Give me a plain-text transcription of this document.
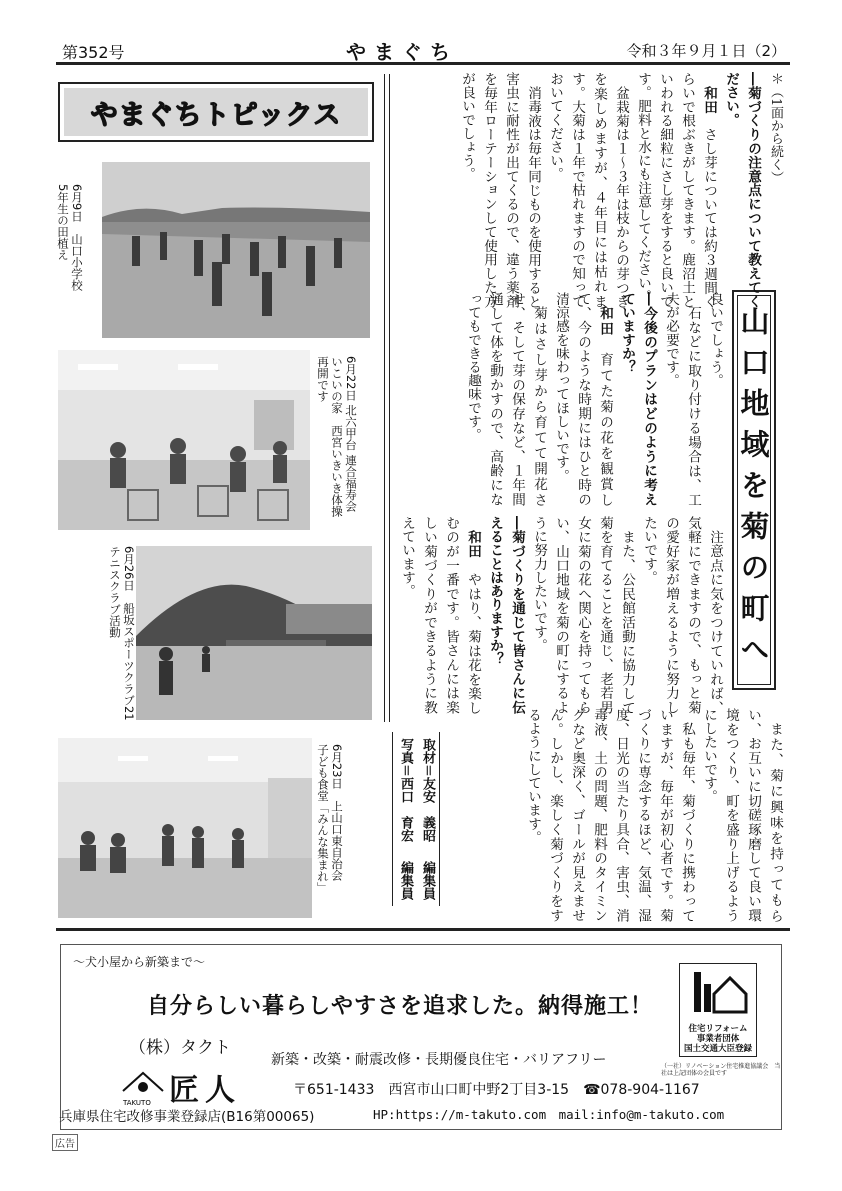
第352号	やまぐち	令和３年９月１日（2）
やまぐちトピックス
6月9日　山口小学校
5年生の田植え
6月22日 北六甲台 連合福寿会
いこいの家　西宮いきいき体操
再開です
6月26日　船坂スポーツクラブ21
テニスクラブ活動
6月23日　上山口東自治会
子ども食堂「みんな集まれ」
山口地域を菊の町へ

＊（1面から続く）

―菊づくりの注意点について教えてください。

和田　さし芽については約３週間ぐらいで根ぶきがしてきます。鹿沼土といわれる細粒にさし芽をすると良いです。肥料と水にも注意してください。

盆栽菊は１～３年は枝からの芽つきを楽しめますが、４年目には枯れます。大菊は１年で枯れますので知っておいてください。

消毒液は毎年同じものを使用すると害虫に耐性が出てくるので、違う薬剤を毎年ローテーションして使用した方が良いでしょう。

良いでしょう。

石などに取り付ける場合は、工夫が必要です。

―今後のプランはどのように考えていますか？

和田　育てた菊の花を観賞して、今のような時期にはひと時の清涼感を味わってほしいです。

菊はさし芽から育てて開花させ、そして芽の保存など、１年間通して体を動かすので、高齢になってもできる趣味です。

注意点に気をつけていれば、気軽にできますので、もっと菊の愛好家が増えるように努力したいです。

また、公民館活動に協力して菊を育てることを通じ、老若男女に菊の花へ関心を持ってもらい、山口地域を菊の町にするように努力したいです。

―菊づくりを通じて皆さんに伝えることはありますか？

和田　やはり、菊は花を楽しむのが一番です。皆さんには楽しい菊づくりができるように教えています。

また、菊に興味を持ってもらい、お互いに切磋琢磨して良い環境をつくり、町を盛り上げるようにしたいです。

私も毎年、菊づくりに携わっていますが、毎年が初心者です。菊づくりに専念するほど、気温、湿度、日光の当たり具合、害虫、消毒液、土の問題、肥料のタイミングなど奥深く、ゴールが見えません。しかし、楽しく菊づくりをするようにしています。

取材＝友安　義昭
編集員
写真＝西口　育宏
編集員
～犬小屋から新築まで～
自分らしい暮らしやすさを追求した。納得施工！
（株）タクト
新築・改築・耐震改修・長期優良住宅・バリアフリー
TAKUTO 匠人	〒651-1433　西宮市山口町中野2丁目3-15　☎078-904-1167
兵庫県住宅改修事業登録店(B16第00065)	HP:https://m-takuto.com　mail:info@m-takuto.com
住宅リフォーム
事業者団体
国土交通大臣登録
（一社）リノベーション住宅推進協議会　当社は上記団体の会員です
広告
